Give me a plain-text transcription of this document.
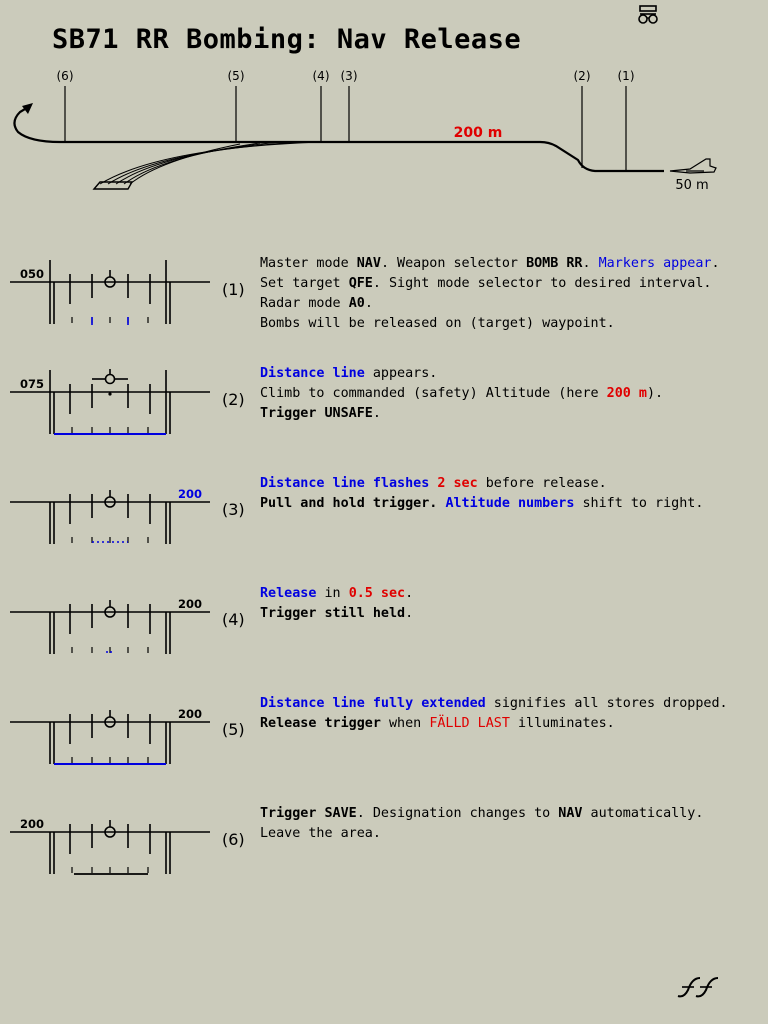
SB71 RR Bombing: Nav Release
(6)	(5)	(4) (3)	(2) (1)
200 m
50 m
050
(1)
Master mode NAV. Weapon selector BOMB RR. Markers appear.
Set target QFE. Sight mode selector to desired interval.
Radar mode A0.
Bombs will be released on (target) waypoint.
075
(2)
Distance line appears.
Climb to commanded (safety) Altitude (here 200 m).
Trigger UNSAFE.
200
(3)
Distance line flashes 2 sec before release.
Pull and hold trigger. Altitude numbers shift to right.
200
(4)
Release in 0.5 sec.
Trigger still held.
200
(5)
Distance line fully extended signifies all stores dropped.
Release trigger when FÄLLD LAST illuminates.
200
(6)
Trigger SAVE. Designation changes to NAV automatically.
Leave the area.
